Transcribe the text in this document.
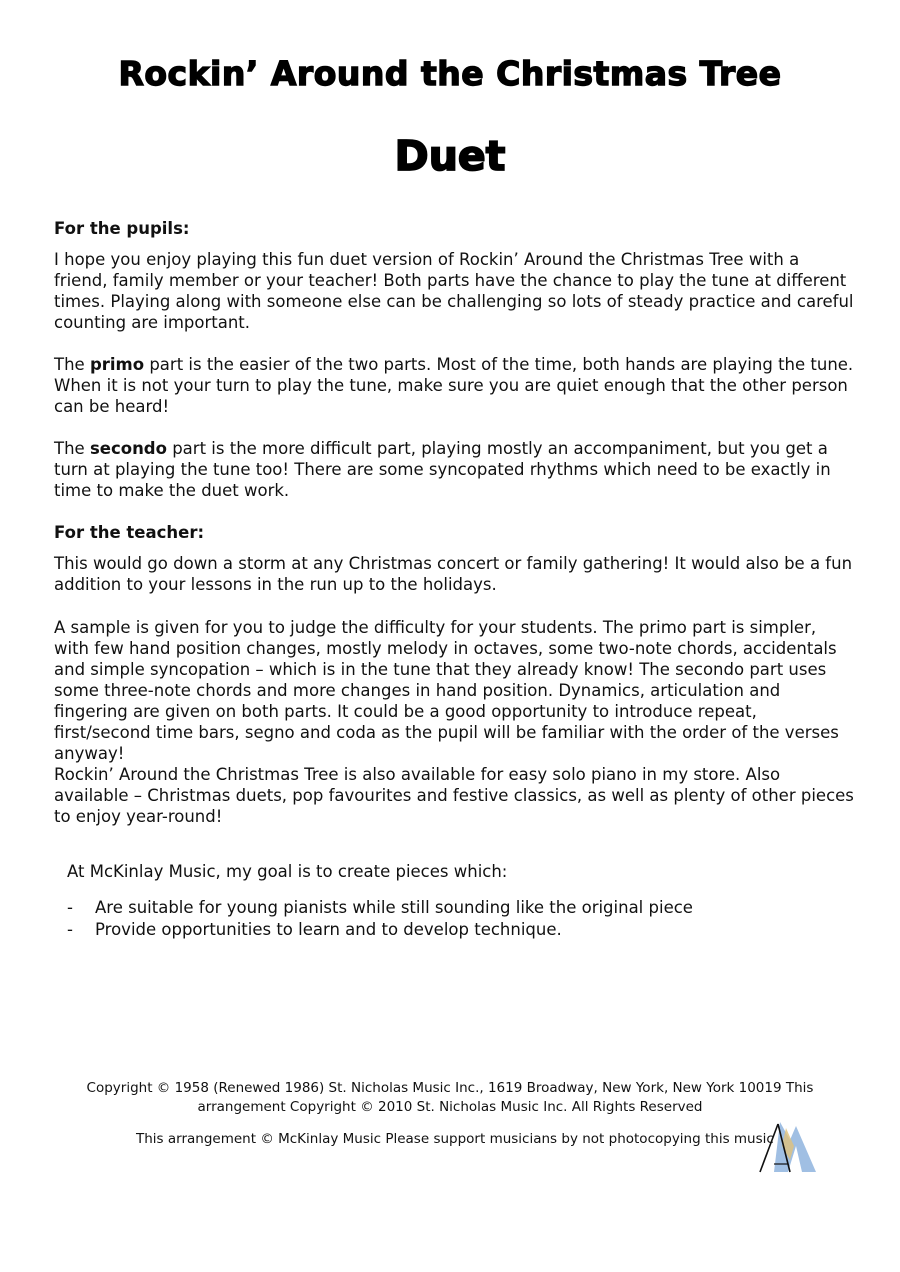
Rockin’ Around the Christmas Tree
Duet
For the pupils:
I hope you enjoy playing this fun duet version of Rockin’ Around the Christmas Tree with a friend, family member or your teacher! Both parts have the chance to play the tune at different times. Playing along with someone else can be challenging so lots of steady practice and careful counting are important.
The primo part is the easier of the two parts. Most of the time, both hands are playing the tune. When it is not your turn to play the tune, make sure you are quiet enough that the other person can be heard!
The secondo part is the more difficult part, playing mostly an accompaniment, but you get a turn at playing the tune too! There are some syncopated rhythms which need to be exactly in time to make the duet work.
For the teacher:
This would go down a storm at any Christmas concert or family gathering! It would also be a fun addition to your lessons in the run up to the holidays.
A sample is given for you to judge the difficulty for your students. The primo part is simpler, with few hand position changes, mostly melody in octaves, some two-note chords, accidentals and simple syncopation – which is in the tune that they already know! The secondo part uses some three-note chords and more changes in hand position. Dynamics, articulation and fingering are given on both parts. It could be a good opportunity to introduce repeat, first/second time bars, segno and coda as the pupil will be familiar with the order of the verses anyway!
Rockin’ Around the Christmas Tree is also available for easy solo piano in my store. Also available – Christmas duets, pop favourites and festive classics, as well as plenty of other pieces to enjoy year-round!
At McKinlay Music, my goal is to create pieces which:
- Are suitable for young pianists while still sounding like the original piece
- Provide opportunities to learn and to develop technique.
Copyright © 1958 (Renewed 1986) St. Nicholas Music Inc., 1619 Broadway, New York, New York 10019 This arrangement Copyright © 2010 St. Nicholas Music Inc. All Rights Reserved
This arrangement © McKinlay Music Please support musicians by not photocopying this music
